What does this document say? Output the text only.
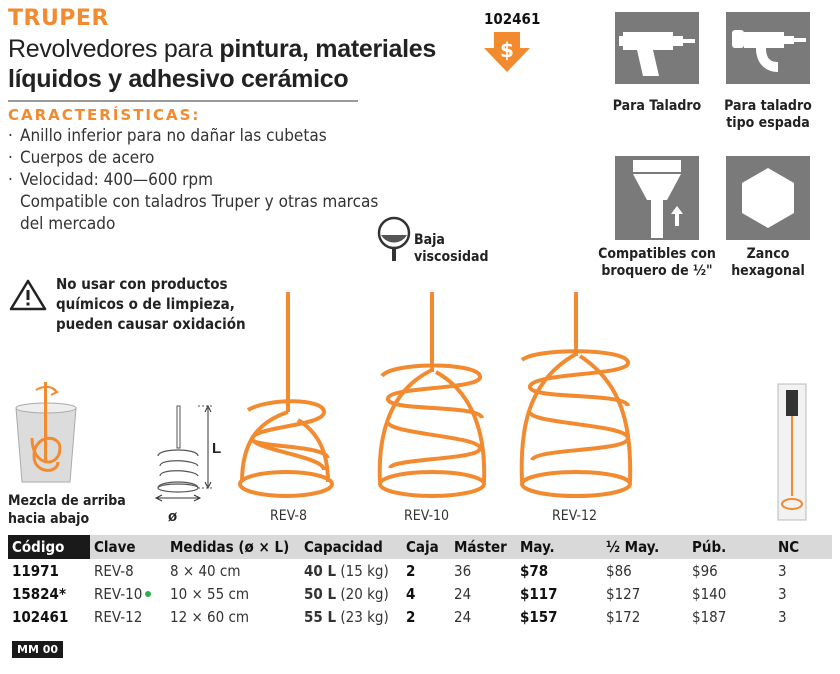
TRUPER	102461
$
Revolvedores para pintura, materiales líquidos y adhesivo cerámico
CARACTERÍSTICAS:
· Anillo inferior para no dañar las cubetas
· Cuerpos de acero
· Velocidad: 400—600 rpm
Compatible con taladros Truper y otras marcas del mercado
No usar con productos químicos o de limpieza, pueden causar oxidación
Para Taladro	Para taladro tipo espada
Compatibles con broquero de ½"
Zanco hexagonal
Baja viscosidad
Mezcla de arriba hacia abajo
L
ø	REV-8	REV-10	REV-12
Código	Clave	Medidas (ø × L)	Capacidad	Caja	Máster	May.	½ May.	Púb.	NC
11971	REV-8	8 × 40 cm	40 L (15 kg)	2	36	$78	$86	$96	3
15824*	REV-10	10 × 55 cm	50 L (20 kg)	4	24	$117	$127	$140	3
102461	REV-12	12 × 60 cm	55 L (23 kg)	2	24	$157	$172	$187	3
MM 00
